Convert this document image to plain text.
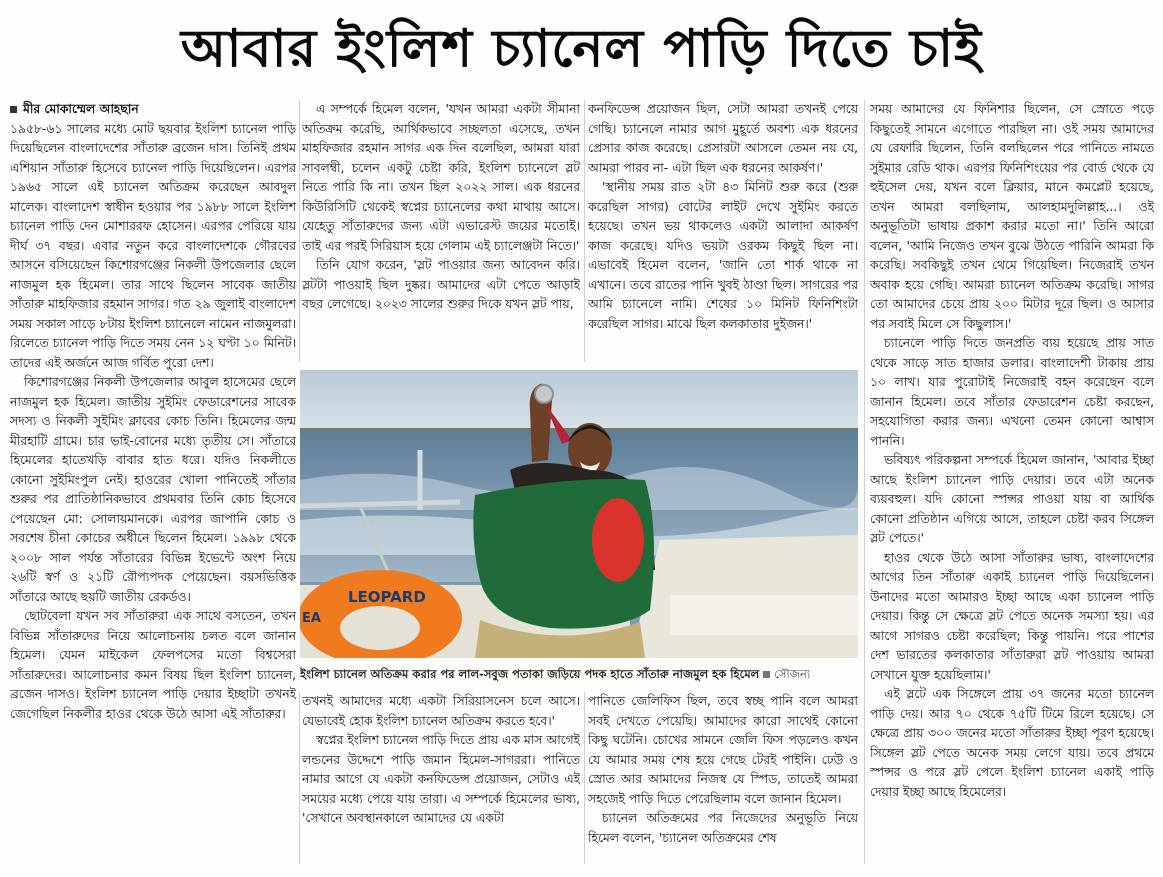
আবার ইংলিশ চ্যানেল পাড়ি দিতে চাই
মীর মোকাম্মেল আহছান

১৯৫৮-৬১ সালের মধ্যে মোট ছয়বার ইংলিশ চ্যানেল পাড়ি দিয়েছিলেন বাংলাদেশের সাঁতারু ব্রজেন দাস। তিনিই প্রথম এশিয়ান সাঁতারু হিসেবে চ্যানেল পাড়ি দিয়েছিলেন। এরপর ১৯৬৫ সালে এই চ্যানেল অতিক্রম করেছেন আবদুল মালেক। বাংলাদেশ স্বাধীন হওয়ার পর ১৯৮৮ সালে ইংলিশ চ্যানেল পাড়ি দেন মোশাররফ হোসেন। এরপর পেরিয়ে যায় দীর্ঘ ৩৭ বছর। এবার নতুন করে বাংলাদেশকে গৌরবের আসনে বসিয়েছেন কিশোরগঞ্জের নিকলী উপজেলার ছেলে নাজমুল হক হিমেল। তার সাথে ছিলেন সাবেক জাতীয় সাঁতারু মাহফিজার রহমান সাগর। গত ২৯ জুলাই বাংলাদেশ সময় সকাল সাড়ে ৮টায় ইংলিশ চ্যানেলে নামেন নাজমুলরা। রিলেতে চ্যানেল পাড়ি দিতে সময় নেন ১২ ঘণ্টা ১০ মিনিট। তাদের এই অর্জনে আজ গর্বিত পুরো দেশ।

কিশোরগঞ্জের নিকলী উপজেলার আবুল হাসেমের ছেলে নাজমুল হক হিমেল। জাতীয় সুইমিং ফেডারেশনের সাবেক সদস্য ও নিকলী সুইমিং ক্লাবের কোচ তিনি। হিমেলের জন্ম মীরহাটি গ্রামে। চার ভাই-বোনের মধ্যে তৃতীয় সে। সাঁতারে হিমেলের হাতেখড়ি বাবার হাত ধরে। যদিও নিকলীতে কোনো সুইমিংপুল নেই। হাওরের খোলা পানিতেই সাঁতার শুরুর পর প্রাতিষ্ঠানিকভাবে প্রথমবার তিনি কোচ হিসেবে পেয়েছেন মো: সোলায়মানকে। এরপর জাপানি কোচ ও সবশেষ চীনা কোচের অধীনে ছিলেন হিমেল। ১৯৯৮ থেকে ২০০৮ সাল পর্যন্ত সাঁতারের বিভিন্ন ইভেন্টে অংশ নিয়ে ২৬টি স্বর্ণ ও ২১টি রৌপ্যপদক পেয়েছেন। বয়সভিত্তিক সাঁতারে আছে ছয়টি জাতীয় রেকর্ডও।

ছোটবেলা যখন সব সাঁতারুরা এক সাথে বসতেন, তখন বিভিন্ন সাঁতারুদের নিয়ে আলোচনায় চলত বলে জানান হিমেল। যেমন মাইকেল ফেলপসের মতো বিশ্বসেরা সাঁতারুদের। আলোচনার কমন বিষয় ছিল ইংলিশ চ্যানেল, ব্রজেন দাসও। ইংলিশ চ্যানেল পাড়ি দেয়ার ইচ্ছাটা তখনই জেগেছিল নিকলীর হাওর থেকে উঠে আসা এই সাঁতারুর।

এ সম্পর্কে হিমেল বলেন, 'যখন আমরা একটা সীমানা অতিক্রম করেছি, আর্থিকভাবে সচ্ছলতা এসেছে, তখন মাহফিজার রহমান সাগর এক দিন বলেছিল, আমরা যারা সাবলম্বী, চলেন একটু চেষ্টা করি, ইংলিশ চ্যানেলে স্লট নিতে পারি কি না। তখন ছিল ২০২২ সাল। এক ধরনের কিউরিসিটি থেকেই স্বপ্নের চ্যানেলের কথা মাথায় আসে। যেহেতু সাঁতারুদের জন্য এটা এভারেস্ট জয়ের মতোই। তাই এর পরই সিরিয়াস হয়ে গেলাম এই চ্যালেঞ্জটা নিতে।'

তিনি যোগ করেন, 'স্লট পাওয়ার জন্য আবেদন করি। স্লটটা পাওয়াই ছিল দুষ্কর। আমাদের এটা পেতে আড়াই বছর লেগেছে। ২০২৩ সালের শুরুর দিকে যখন স্লট পায়,

কনফিডেন্স প্রয়োজন ছিল, সেটা আমরা তখনই পেয়ে গেছি। চ্যানেলে নামার আগ মুহূর্তে অবশ্য এক ধরনের প্রেসার কাজ করেছে। প্রেসারটা আসলে তেমন নয় যে, আমরা পারব না- এটা ছিল এক ধরনের আকর্ষণ।'

'স্থানীয় সময় রাত ২টা ৪৩ মিনিট শুরু করে (শুরু করেছিল সাগর) বোটের লাইট দেখে সুইমিং করতে হয়েছে। তখন ভয় থাকলেও একটা আলাদা আকর্ষণ কাজ করেছে। যদিও ভয়টা ওরকম কিছুই ছিল না। এভাবেই হিমেল বলেন, 'জানি তো শার্ক থাকে না এখানে। তবে রাতের পানি খুবই ঠাণ্ডা ছিল। সাগরের পর আমি চ্যানেলে নামি। শেষের ১০ মিনিট ফিনিশিংটা করেছিল সাগর। মাঝে ছিল কলকাতার দুইজন।'

LEOPARD
EA
ইংলিশ চ্যানেল অতিক্রম করার পর লাল-সবুজ পতাকা জড়িয়ে পদক হাতে সাঁতারু নাজমুল হক হিমেল সৌজন্য

তখনই আমাদের মধ্যে একটা সিরিয়াসনেস চলে আসে। যেভাবেই হোক ইংলিশ চ্যানেল অতিক্রম করতে হবে।'

স্বপ্নের ইংলিশ চ্যানেল পাড়ি দিতে প্রায় এক মাস আগেই লন্ডনের উদ্দেশে পাড়ি জমান হিমেল-সাগররা। পানিতে নামার আগে যে একটা কনফিডেন্স প্রয়োজন, সেটাও এই সময়ের মধ্যে পেয়ে যায় তারা। এ সম্পর্কে হিমেলের ভাষ্য, 'সেখানে অবস্থানকালে আমাদের যে একটা

পানিতে জেলিফিস ছিল, তবে স্বচ্ছ পানি বলে আমরা সবই দেখতে পেয়েছি। আমাদের কারো সাথেই কোনো কিছু ঘটেনি। চোখের সামনে জেলি ফিস পড়লেও কখন যে আমার সময় শেষ হয়ে গেছে টেরই পাইনি। ঢেউ ও স্রোত আর আমাদের নিজস্ব যে স্পিড, তাতেই আমরা সহজেই পাড়ি দিতে পেরেছিলাম বলে জানান হিমেল।

চ্যানেল অতিক্রমের পর নিজেদের অনুভূতি নিয়ে হিমেল বলেন, 'চ্যানেল অতিক্রমের শেষ

সময় আমাদের যে ফিনিশার ছিলেন, সে স্রোতে পড়ে কিছুতেই সামনে এগোতে পারছিল না। ওই সময় আমাদের যে রেফারি ছিলেন, তিনি বলছিলেন পরে পানিতে নামতে সুইমার রেডি থাক। এরপর ফিনিশিংয়ের পর বোর্ড থেকে যে হুইসেল দেয়, যখন বলে ক্লিয়ার, মানে কমপ্লেট হয়েছে, তখন আমরা বলছিলাম, আলহামদুলিল্লাহ...। ওই অনুভূতিটা ভাষায় প্রকাশ করার মতো না।' তিনি আরো বলেন, 'আমি নিজেও তখন বুঝে উঠতে পারিনি আমরা কি করেছি। সবকিছুই তখন থেমে গিয়েছিল। নিজেরাই তখন অবাক হয়ে গেছি। আমরা চ্যানেল অতিক্রম করেছি। সাগর তো আমাদের চেয়ে প্রায় ২০০ মিটার দূরে ছিল। ও আসার পর সবাই মিলে সে কিছুলাস।'

চ্যানেলে পাড়ি দিতে জনপ্রতি ব্যয় হয়েছে প্রায় সাত থেকে সাড়ে সাত হাজার ডলার। বাংলাদেশী টাকায় প্রায় ১০ লাখ। যার পুরোটাই নিজেরাই বহন করেছেন বলে জানান হিমেল। তবে সাঁতার ফেডারেশন চেষ্টা করছেন, সহযোগিতা করার জন্য। এখনো তেমন কোনো আশ্বাস পাননি।

ভবিষ্যৎ পরিকল্পনা সম্পর্কে হিমেল জানান, 'আবার ইচ্ছা আছে ইংলিশ চ্যানেল পাড়ি দেয়ার। তবে এটা অনেক ব্যয়বহুল। যদি কোনো স্পন্সর পাওয়া যায় বা আর্থিক কোনো প্রতিষ্ঠান এগিয়ে আসে, তাহলে চেষ্টা করব সিঙ্গেল স্লট পেতে।'

হাওর থেকে উঠে আসা সাঁতারুর ভাষ্য, বাংলাদেশের আগের তিন সাঁতারু একাই চ্যানেল পাড়ি দিয়েছিলেন। উনাদের মতো আমারও ইচ্ছা আছে একা চ্যানেল পাড়ি দেয়ার। কিন্তু সে ক্ষেত্রে স্লট পেতে অনেক সমস্যা হয়। এর আগে সাগরও চেষ্টা করেছিল; কিন্তু পায়নি। পরে পাশের দেশ ভারতের কলকাতার সাঁতারুরা স্লট পাওয়ায় আমরা সেখানে যুক্ত হয়েছিলাম।'

এই স্লটে এক সিঙ্গেলে প্রায় ৩৭ জনের মতো চ্যানেল পাড়ি দেয়। আর ৭০ থেকে ৭৫টি টিমে রিলে হয়েছে। সে ক্ষেত্রে প্রায় ৩০০ জনের মতো সাঁতারুর ইচ্ছা পূরণ হয়েছে। সিঙ্গেল স্লট পেতে অনেক সময় লেগে যায়। তবে প্রথমে স্পন্সর ও পরে স্লট পেলে ইংলিশ চ্যানেল একাই পাড়ি দেয়ার ইচ্ছা আছে হিমেলের।
